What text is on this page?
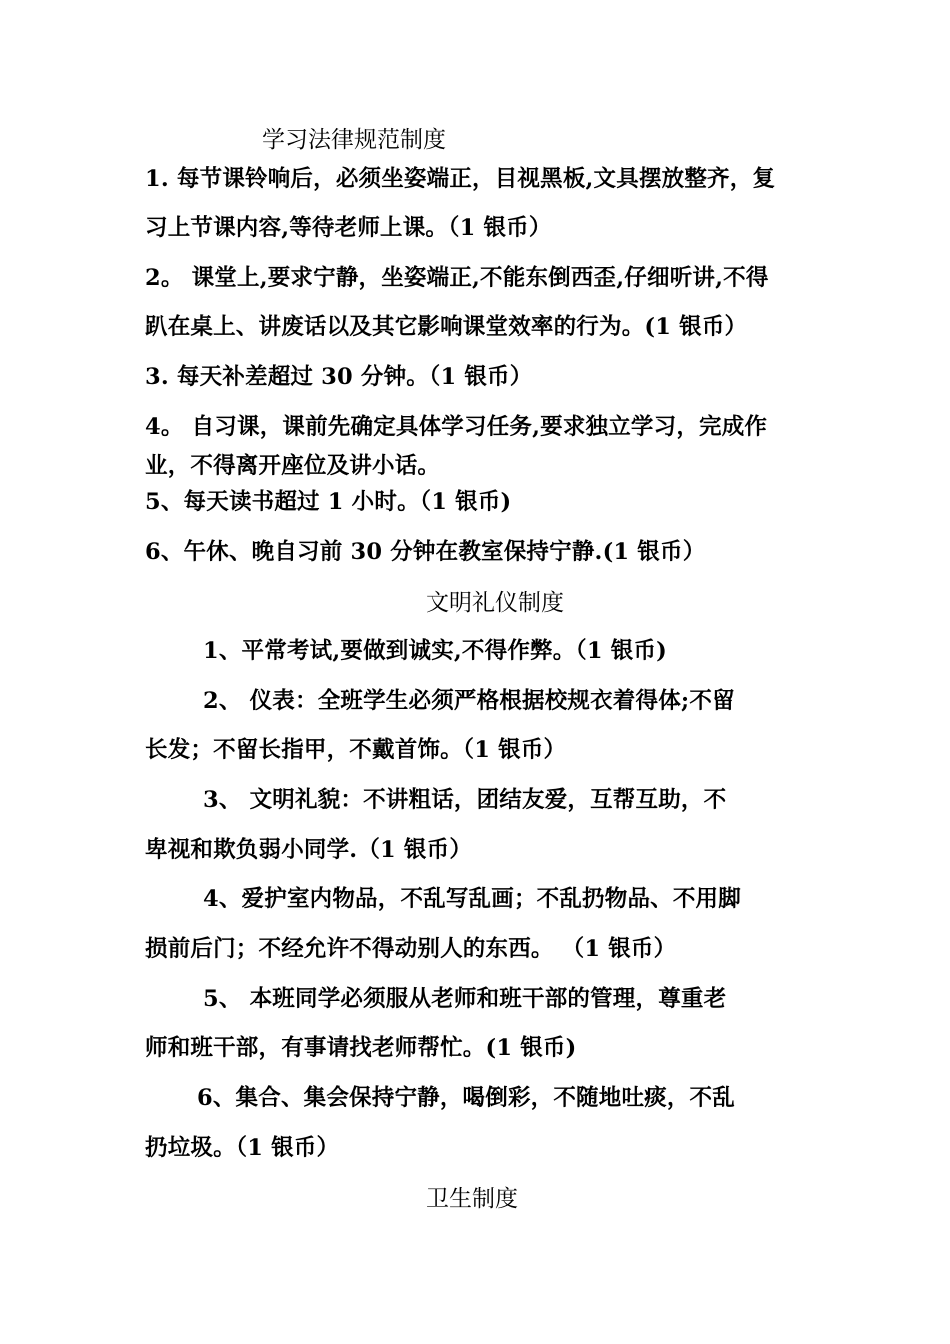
学习法律规范制度
1. 每节课铃响后，必须坐姿端正，目视黑板,文具摆放整齐，复
习上节课内容,等待老师上课。（1 银币）
2。 课堂上,要求宁静，坐姿端正,不能东倒西歪,仔细听讲,不得
趴在桌上、讲废话以及其它影响课堂效率的行为。(1 银币）
3. 每天补差超过 30 分钟。（1 银币）
4。 自习课，课前先确定具体学习任务,要求独立学习，完成作
业，不得离开座位及讲小话。
5、每天读书超过 1 小时。（1 银币)
6、午休、晚自习前 30 分钟在教室保持宁静.(1 银币）
文明礼仪制度
1、平常考试,要做到诚实,不得作弊。（1 银币)
2、 仪表：全班学生必须严格根据校规衣着得体;不留
长发；不留长指甲，不戴首饰。（1 银币）
3、 文明礼貌：不讲粗话，团结友爱，互帮互助，不
卑视和欺负弱小同学.（1 银币）
4、爱护室内物品，不乱写乱画；不乱扔物品、不用脚
损前后门；不经允许不得动别人的东西。 （1 银币）
5、 本班同学必须服从老师和班干部的管理，尊重老
师和班干部，有事请找老师帮忙。(1 银币)
6、集合、集会保持宁静，喝倒彩，不随地吐痰，不乱
扔垃圾。（1 银币）
卫生制度
